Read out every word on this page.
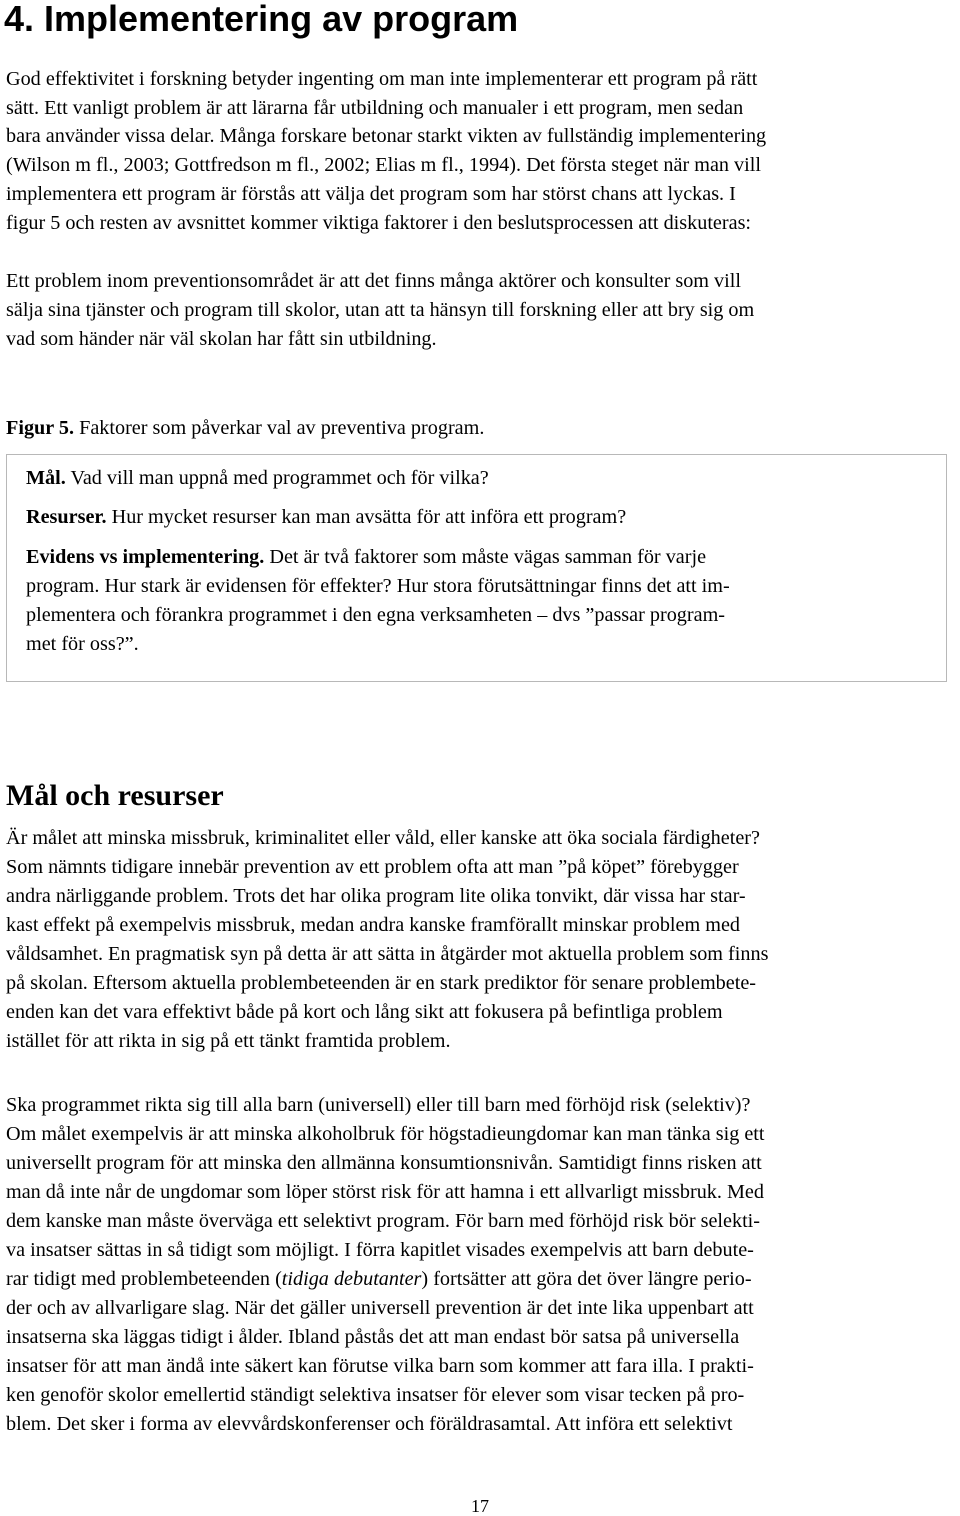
4. Implementering av program

God effektivitet i forskning betyder ingenting om man inte implementerar ett program på rätt

sätt. Ett vanligt problem är att lärarna får utbildning och manualer i ett program, men sedan

bara använder vissa delar. Många forskare betonar starkt vikten av fullständig implementering

(Wilson m fl., 2003; Gottfredson m fl., 2002; Elias m fl., 1994). Det första steget när man vill

implementera ett program är förstås att välja det program som har störst chans att lyckas. I

figur 5 och resten av avsnittet kommer viktiga faktorer i den beslutsprocessen att diskuteras:

Ett problem inom preventionsområdet är att det finns många aktörer och konsulter som vill

sälja sina tjänster och program till skolor, utan att ta hänsyn till forskning eller att bry sig om

vad som händer när väl skolan har fått sin utbildning.

Figur 5. Faktorer som påverkar val av preventiva program.

Mål. Vad vill man uppnå med programmet och för vilka?

Resurser. Hur mycket resurser kan man avsätta för att införa ett program?

Evidens vs implementering. Det är två faktorer som måste vägas samman för varje

program. Hur stark är evidensen för effekter? Hur stora förutsättningar finns det att im-

plementera och förankra programmet i den egna verksamheten – dvs ”passar program-

met för oss?”.

Mål och resurser

Är målet att minska missbruk, kriminalitet eller våld, eller kanske att öka sociala färdigheter?

Som nämnts tidigare innebär prevention av ett problem ofta att man ”på köpet” förebygger

andra närliggande problem. Trots det har olika program lite olika tonvikt, där vissa har star-

kast effekt på exempelvis missbruk, medan andra kanske framförallt minskar problem med

våldsamhet. En pragmatisk syn på detta är att sätta in åtgärder mot aktuella problem som finns

på skolan. Eftersom aktuella problembeteenden är en stark prediktor för senare problembete-

enden kan det vara effektivt både på kort och lång sikt att fokusera på befintliga problem

istället för att rikta in sig på ett tänkt framtida problem.

Ska programmet rikta sig till alla barn (universell) eller till barn med förhöjd risk (selektiv)?

Om målet exempelvis är att minska alkoholbruk för högstadieungdomar kan man tänka sig ett

universellt program för att minska den allmänna konsumtionsnivån. Samtidigt finns risken att

man då inte når de ungdomar som löper störst risk för att hamna i ett allvarligt missbruk. Med

dem kanske man måste överväga ett selektivt program. För barn med förhöjd risk bör selekti-

va insatser sättas in så tidigt som möjligt. I förra kapitlet visades exempelvis att barn debute-

rar tidigt med problembeteenden (tidiga debutanter) fortsätter att göra det över längre perio-

der och av allvarligare slag. När det gäller universell prevention är det inte lika uppenbart att

insatserna ska läggas tidigt i ålder. Ibland påstås det att man endast bör satsa på universella

insatser för att man ändå inte säkert kan förutse vilka barn som kommer att fara illa. I prakti-

ken genoför skolor emellertid ständigt selektiva insatser för elever som visar tecken på pro-

blem. Det sker i forma av elevvårdskonferenser och föräldrasamtal. Att införa ett selektivt

17
